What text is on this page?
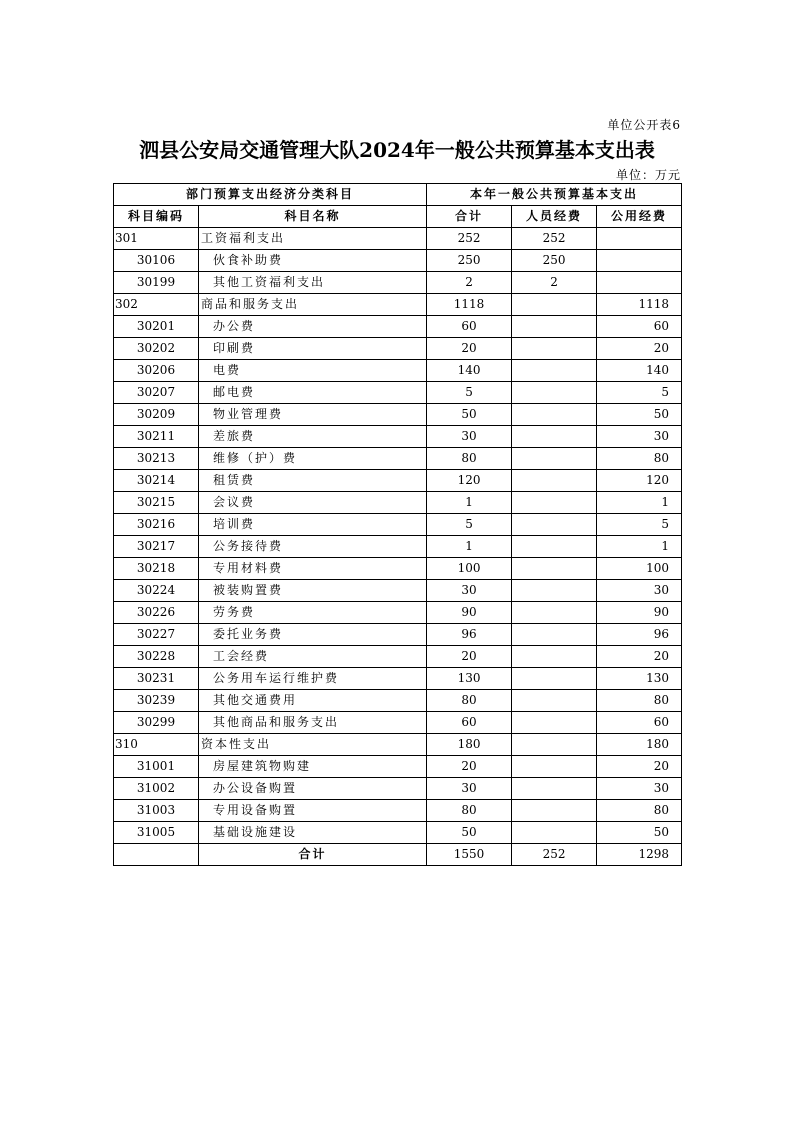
单位公开表6
泗县公安局交通管理大队2024年一般公共预算基本支出表
单位：万元
部门预算支出经济分类科目		本年一般公共预算基本支出		
科目编码	科目名称	合计	人员经费	公用经费
301	工资福利支出	252	252	
30106	伙食补助费	250	250	
30199	其他工资福利支出	2	2	
302	商品和服务支出	1118		1118
30201	办公费	60		60
30202	印刷费	20		20
30206	电费	140		140
30207	邮电费	5		5
30209	物业管理费	50		50
30211	差旅费	30		30
30213	维修（护）费	80		80
30214	租赁费	120		120
30215	会议费	1		1
30216	培训费	5		5
30217	公务接待费	1		1
30218	专用材料费	100		100
30224	被装购置费	30		30
30226	劳务费	90		90
30227	委托业务费	96		96
30228	工会经费	20		20
30231	公务用车运行维护费	130		130
30239	其他交通费用	80		80
30299	其他商品和服务支出	60		60
310	资本性支出	180		180
31001	房屋建筑物购建	20		20
31002	办公设备购置	30		30
31003	专用设备购置	80		80
31005	基础设施建设	50		50
	合计	1550	252	1298
